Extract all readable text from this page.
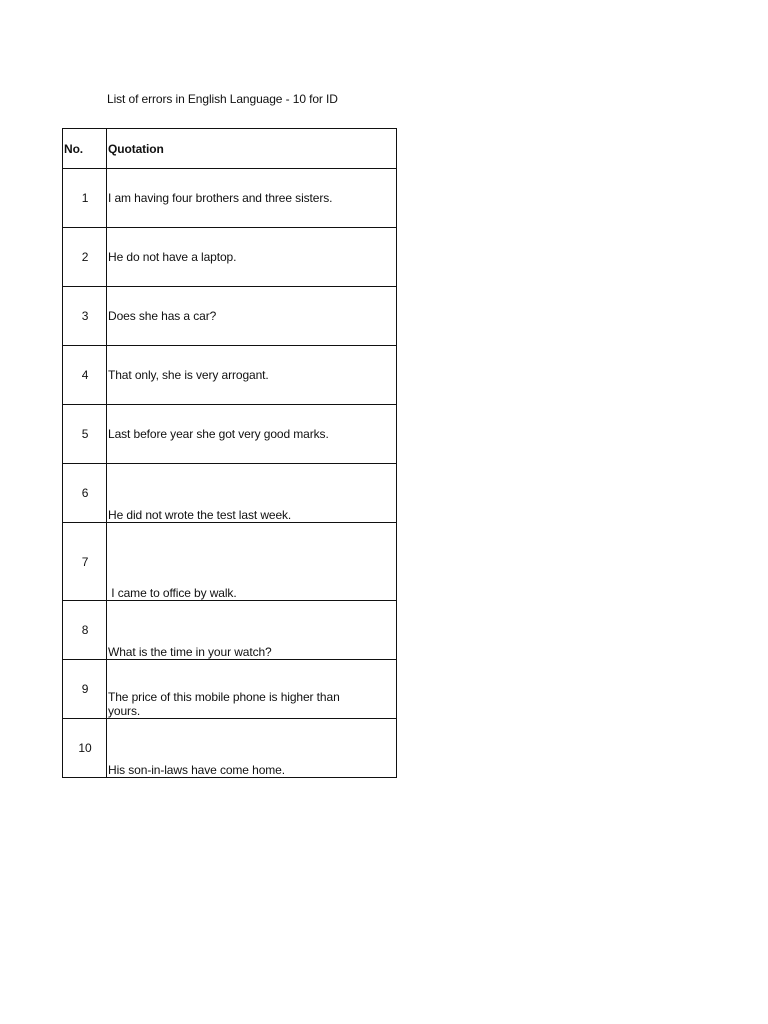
List of errors in English Language - 10 for ID
No.	Quotation
1	I am having four brothers and three sisters.
2	He do not have a laptop.
3	Does she has a car?
4	That only, she is very arrogant.
5	Last before year she got very good marks.
6	He did not wrote the test last week.
7	I came to office by walk.
8	What is the time in your watch?
9	The price of this mobile phone is higher than yours.
10	His son-in-laws have come home.
